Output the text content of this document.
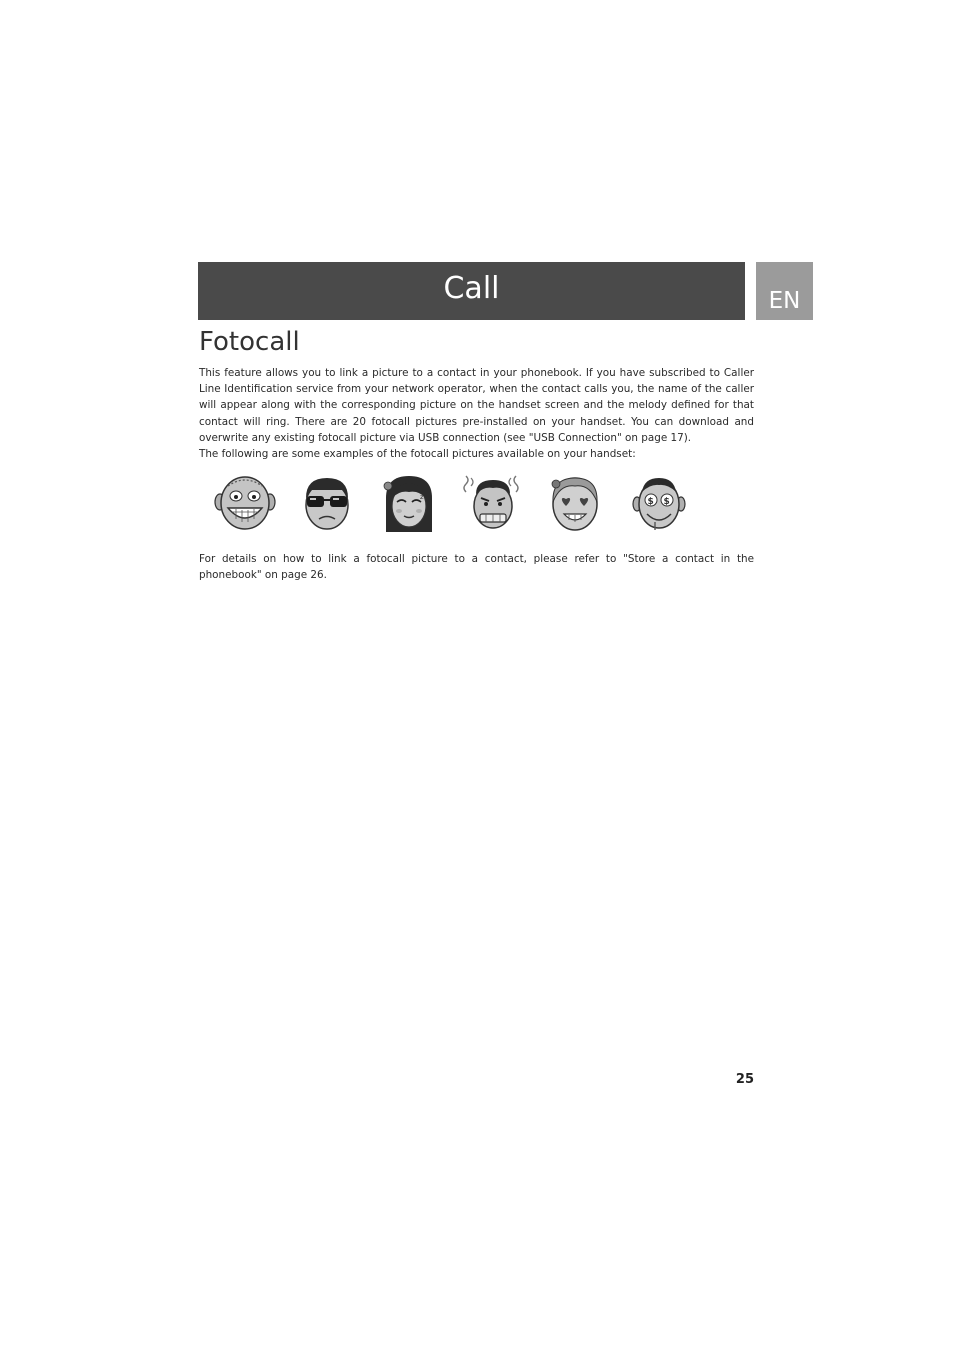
Call	EN
Fotocall

This feature allows you to link a picture to a contact in your phonebook. If you have subscribed to Caller Line Identification service from your network operator, when the contact calls you, the name of the caller will appear along with the corresponding picture on the handset screen and the melody defined for that contact will ring. There are 20 fotocall pictures pre-installed on your handset. You can download and overwrite any existing fotocall picture via USB connection (see "USB Connection" on page 17).

The following are some examples of the fotocall pictures available on your handset:

z	$ $

For details on how to link a fotocall picture to a contact, please refer to "Store a contact in the phonebook" on page 26.

25
